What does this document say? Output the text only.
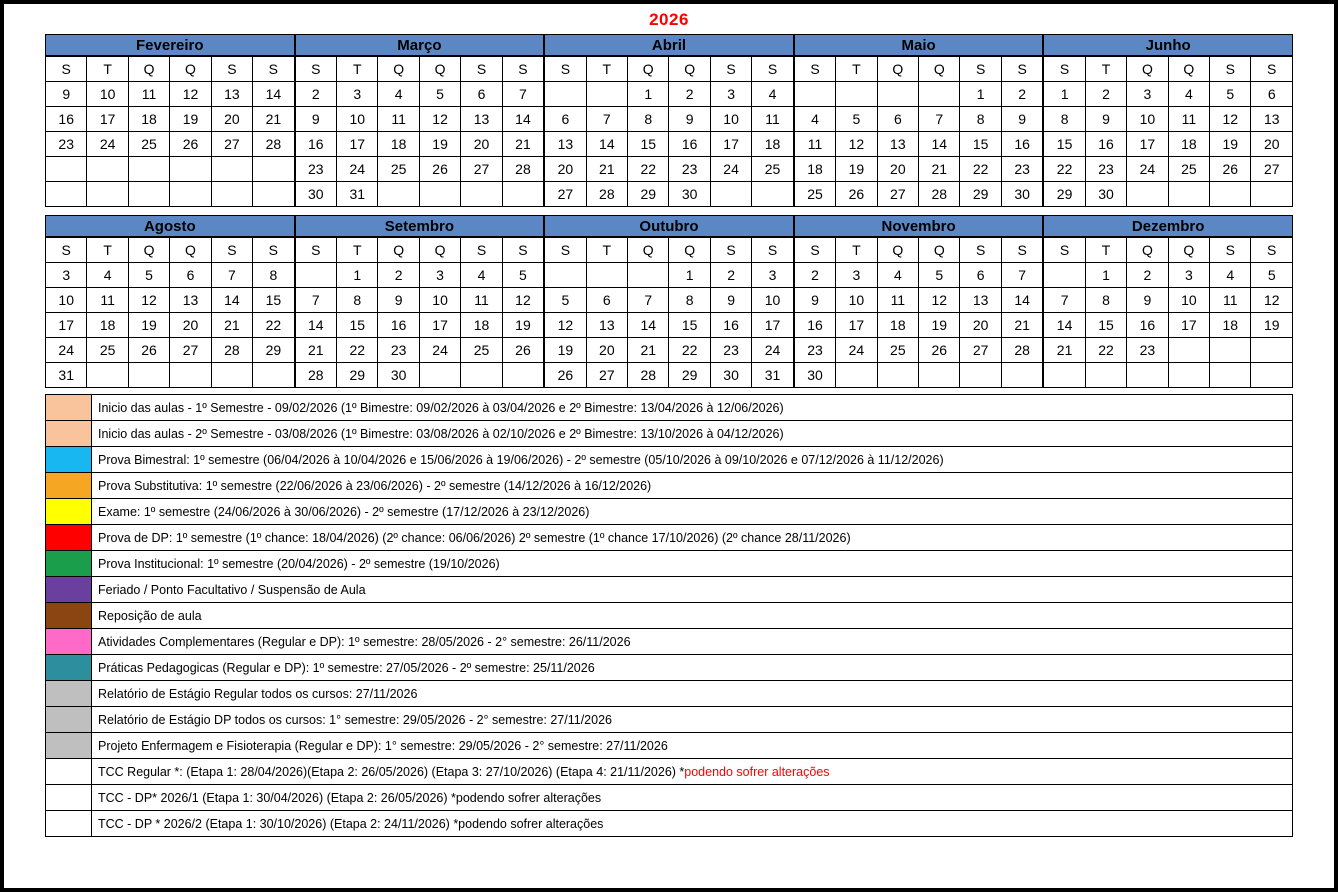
2026
Fevereiro
S	T	Q	Q	S	S
9	10	11	12	13	14
16	17	18	19	20	21
23	24	25	26	27	28

Março
S	T	Q	Q	S	S
2	3	4	5	6	7
9	10	11	12	13	14
16	17	18	19	20	21
23	24	25	26	27	28
30	31				
Abril
S	T	Q	Q	S	S
		1	2	3	4
6	7	8	9	10	11
13	14	15	16	17	18
20	21	22	23	24	25
27	28	29	30		
Maio
S	T	Q	Q	S	S
				1	2
4	5	6	7	8	9
11	12	13	14	15	16
18	19	20	21	22	23
25	26	27	28	29	30
Junho
S	T	Q	Q	S	S
1	2	3	4	5	6
8	9	10	11	12	13
15	16	17	18	19	20
22	23	24	25	26	27
29	30				
Agosto
S	T	Q	Q	S	S
3	4	5	6	7	8
10	11	12	13	14	15
17	18	19	20	21	22
24	25	26	27	28	29
31					
Setembro
S	T	Q	Q	S	S
	1	2	3	4	5
7	8	9	10	11	12
14	15	16	17	18	19
21	22	23	24	25	26
28	29	30			
Outubro
S	T	Q	Q	S	S
			1	2	3
5	6	7	8	9	10
12	13	14	15	16	17
19	20	21	22	23	24
26	27	28	29	30	31
Novembro
S	T	Q	Q	S	S
2	3	4	5	6	7
9	10	11	12	13	14
16	17	18	19	20	21
23	24	25	26	27	28
30					
Dezembro
S	T	Q	Q	S	S
	1	2	3	4	5
7	8	9	10	11	12
14	15	16	17	18	19
21	22	23			

	Inicio das aulas - 1º Semestre - 09/02/2026 (1º Bimestre: 09/02/2026 à 03/04/2026 e 2º Bimestre: 13/04/2026 à 12/06/2026)
	Inicio das aulas - 2º Semestre - 03/08/2026 (1º Bimestre: 03/08/2026 à 02/10/2026 e 2º Bimestre: 13/10/2026 à 04/12/2026)
	Prova Bimestral: 1º semestre (06/04/2026 à 10/04/2026 e 15/06/2026 à 19/06/2026) - 2º semestre (05/10/2026 à 09/10/2026 e 07/12/2026 à 11/12/2026)
	Prova Substitutiva: 1º semestre (22/06/2026 à 23/06/2026) - 2º semestre (14/12/2026 à 16/12/2026)
	Exame: 1º semestre (24/06/2026 à 30/06/2026) - 2º semestre (17/12/2026 à 23/12/2026)
	Prova de DP: 1º semestre (1º chance: 18/04/2026) (2º chance: 06/06/2026) 2º semestre (1º chance 17/10/2026) (2º chance 28/11/2026)
	Prova Institucional: 1º semestre (20/04/2026) - 2º semestre (19/10/2026)
	Feriado / Ponto Facultativo / Suspensão de Aula
	Reposição de aula
	Atividades Complementares (Regular e DP): 1º semestre: 28/05/2026 - 2° semestre: 26/11/2026
	Práticas Pedagogicas (Regular e DP): 1º semestre: 27/05/2026 - 2º semestre: 25/11/2026
	Relatório de Estágio Regular todos os cursos: 27/11/2026
	Relatório de Estágio DP todos os cursos: 1° semestre: 29/05/2026 - 2° semestre: 27/11/2026
	Projeto Enfermagem e Fisioterapia (Regular e DP): 1° semestre: 29/05/2026 - 2° semestre: 27/11/2026
	TCC Regular *: (Etapa 1: 28/04/2026)(Etapa 2: 26/05/2026) (Etapa 3: 27/10/2026) (Etapa 4: 21/11/2026) *podendo sofrer alterações
	TCC - DP* 2026/1 (Etapa 1: 30/04/2026) (Etapa 2: 26/05/2026) *podendo sofrer alterações
	TCC - DP * 2026/2 (Etapa 1: 30/10/2026) (Etapa 2: 24/11/2026) *podendo sofrer alterações
